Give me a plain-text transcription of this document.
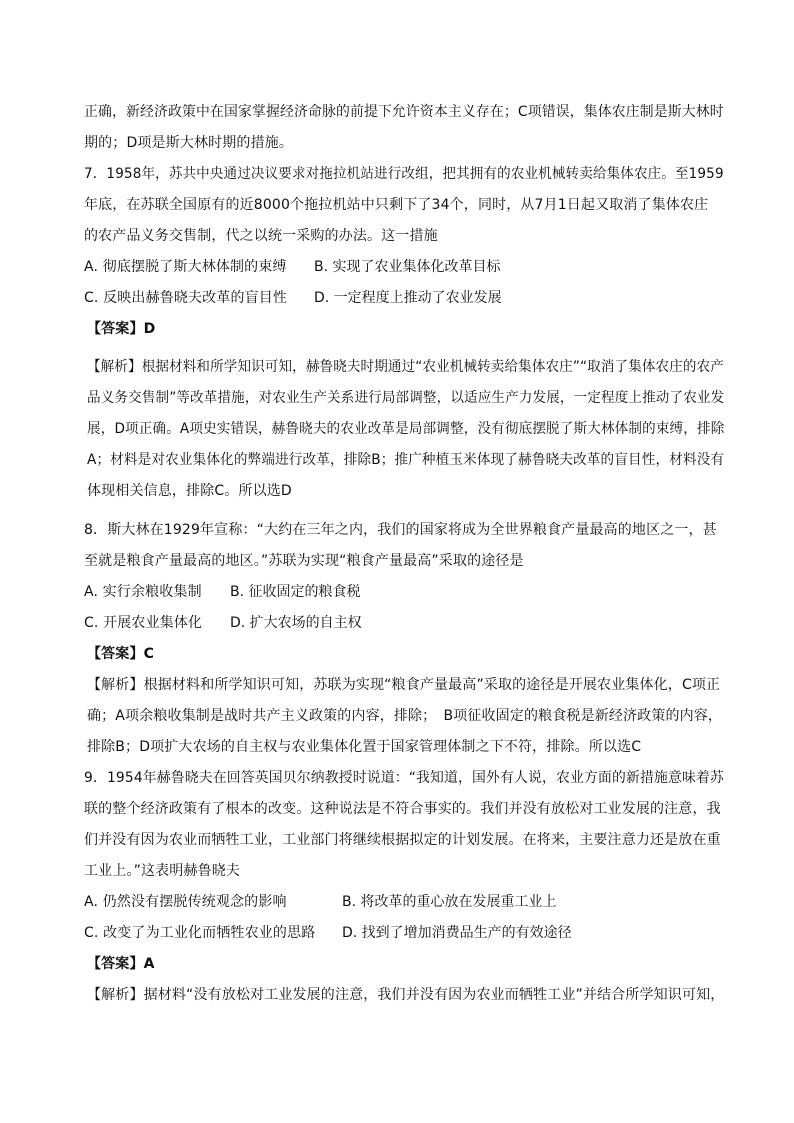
正确，新经济政策中在国家掌握经济命脉的前提下允许资本主义存在；C项错误，集体农庄制是斯大林时
期的；D项是斯大林时期的措施。
7．1958年，苏共中央通过决议要求对拖拉机站进行改组，把其拥有的农业机械转卖给集体农庄。至1959
年底，在苏联全国原有的近8000个拖拉机站中只剩下了34个，同时，从7月1日起又取消了集体农庄
的农产品义务交售制，代之以统一采购的办法。这一措施
A. 彻底摆脱了斯大林体制的束缚 B. 实现了农业集体化改革目标
C. 反映出赫鲁晓夫改革的盲目性 D. 一定程度上推动了农业发展
【答案】D
【解析】根据材料和所学知识可知，赫鲁晓夫时期通过“农业机械转卖给集体农庄”“取消了集体农庄的农产
品义务交售制”等改革措施，对农业生产关系进行局部调整，以适应生产力发展，一定程度上推动了农业发
展，D项正确。A项史实错误，赫鲁晓夫的农业改革是局部调整，没有彻底摆脱了斯大林体制的束缚，排除
A；材料是对农业集体化的弊端进行改革，排除B；推广种植玉米体现了赫鲁晓夫改革的盲目性，材料没有
体现相关信息，排除C。所以选D
8．斯大林在1929年宣称：“大约在三年之内，我们的国家将成为全世界粮食产量最高的地区之一，甚
至就是粮食产量最高的地区。”苏联为实现“粮食产量最高”采取的途径是
A. 实行余粮收集制 B. 征收固定的粮食税
C. 开展农业集体化 D. 扩大农场的自主权
【答案】C
【解析】根据材料和所学知识可知，苏联为实现“粮食产量最高”采取的途径是开展农业集体化，C项正
确；A项余粮收集制是战时共产主义政策的内容，排除；　B项征收固定的粮食税是新经济政策的内容，
排除B；D项扩大农场的自主权与农业集体化置于国家管理体制之下不符，排除。所以选C
9．1954年赫鲁晓夫在回答英国贝尔纳教授时说道：“我知道，国外有人说，农业方面的新措施意味着苏
联的整个经济政策有了根本的改变。这种说法是不符合事实的。我们并没有放松对工业发展的注意，我
们并没有因为农业而牺牲工业，工业部门将继续根据拟定的计划发展。在将来，主要注意力还是放在重
工业上。”这表明赫鲁晓夫
A. 仍然没有摆脱传统观念的影响	B. 将改革的重心放在发展重工业上
C. 改变了为工业化而牺牲农业的思路 D. 找到了增加消费品生产的有效途径
【答案】A
【解析】据材料“没有放松对工业发展的注意，我们并没有因为农业而牺牲工业”并结合所学知识可知，
